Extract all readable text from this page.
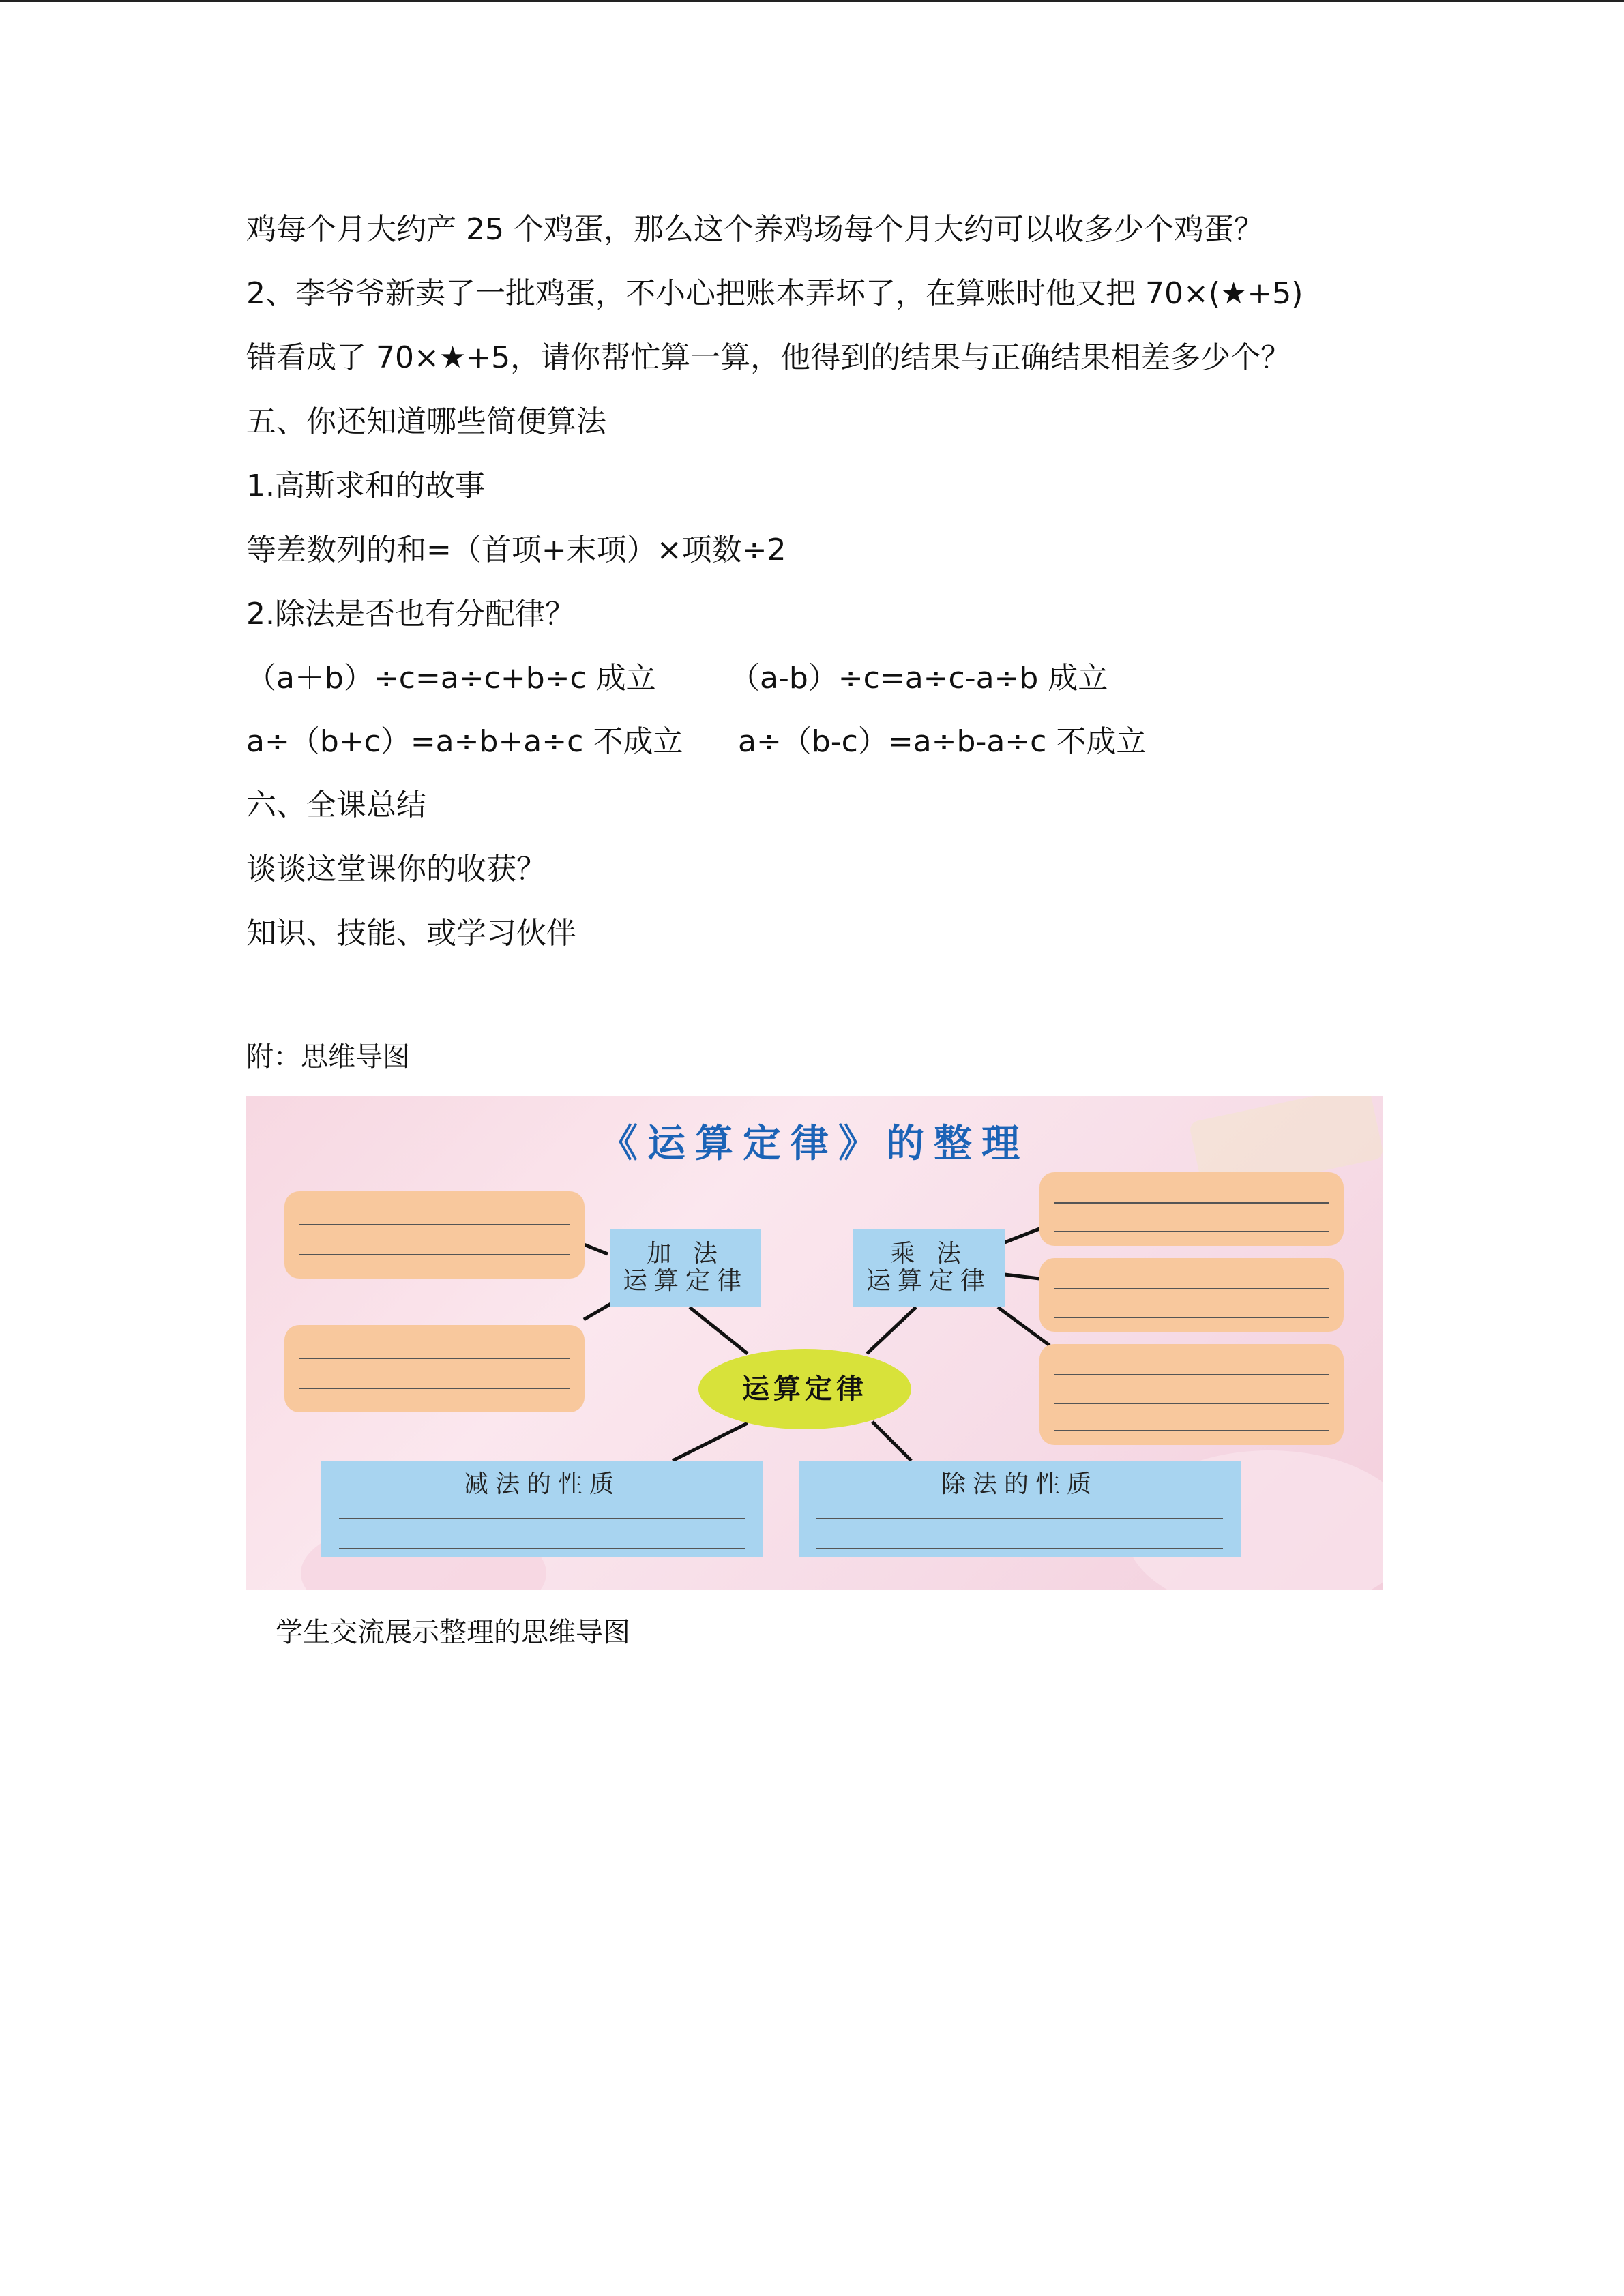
鸡每个月大约产 25 个鸡蛋，那么这个养鸡场每个月大约可以收多少个鸡蛋？
2、李爷爷新卖了一批鸡蛋，不小心把账本弄坏了，在算账时他又把 70×(★+5)
错看成了 70×★+5，请你帮忙算一算，他得到的结果与正确结果相差多少个？
五、你还知道哪些简便算法
1.高斯求和的故事
等差数列的和=（首项+末项）×项数÷2
2.除法是否也有分配律？
（a＋b）÷c=a÷c+b÷c 成立 （a-b）÷c=a÷c-a÷b 成立
a÷（b+c）=a÷b+a÷c 不成立 a÷（b-c）=a÷b-a÷c 不成立
六、全课总结
谈谈这堂课你的收获？
知识、技能、或学习伙伴
附：思维导图
《运算定律》的整理
加 法
运算定律
乘 法
运算定律
运算定律
减法的性质	除法的性质
学生交流展示整理的思维导图
